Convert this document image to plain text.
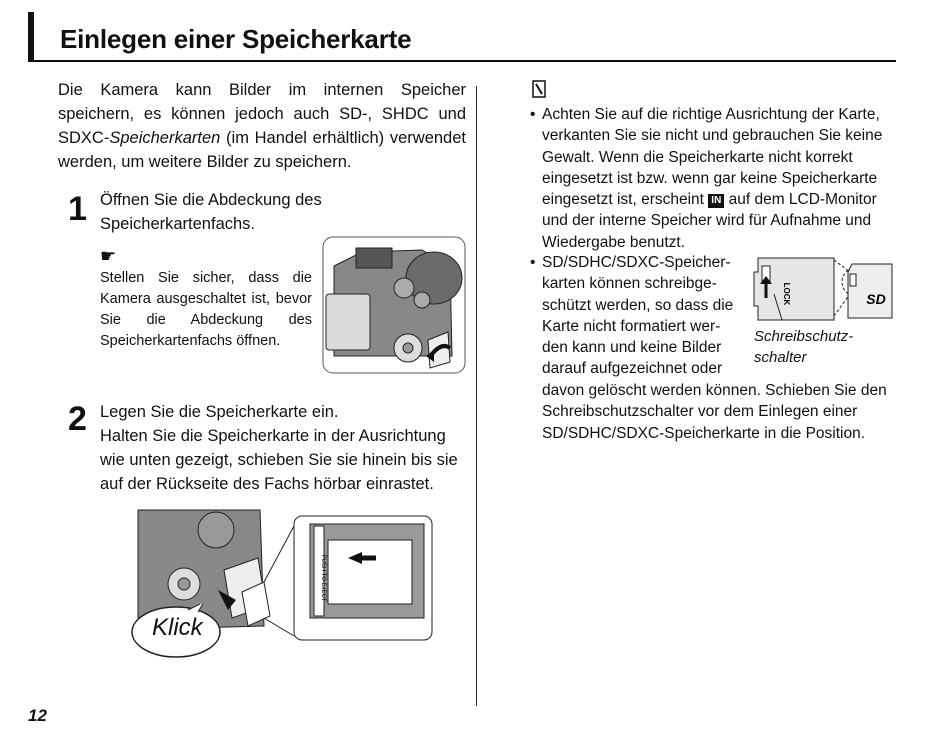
Einlegen einer Speicherkarte

Die Kamera kann Bilder im internen Speicher speichern, es können jedoch auch SD-, SHDC und SDXC-Speicherkarten (im Handel erhältlich) verwendet werden, um weitere Bilder zu speichern.

1 Öffnen Sie die Abdeckung des Speicherkartenfachs.
☛
Stellen Sie sicher, dass die Kamera ausgeschaltet ist, bevor Sie die Abdeckung des Speicherkartenfachs öffnen.
2 Legen Sie die Speicherkarte ein.
Halten Sie die Speicherkarte in der Ausrichtung wie unten gezeigt, schieben Sie sie hinein bis sie auf der Rückseite des Fachs hörbar einrastet.
PUSH TO EJECT
Klick
• Achten Sie auf die richtige Ausrichtung der Karte, verkanten Sie sie nicht und gebrauchen Sie keine Gewalt. Wenn die Speicherkarte nicht korrekt eingesetzt ist bzw. wenn gar keine Speicherkarte eingesetzt ist, erscheint IN auf dem LCD-Monitor und der interne Speicher wird für Aufnahme und Wiedergabe benutzt.
• SD/SDHC/SDXC-Speicher-
karten können schreibge-
schützt werden, so dass die
Karte nicht formatiert wer-
den kann und keine Bilder
darauf aufgezeichnet oder
davon gelöscht werden können. Schieben Sie den Schreibschutzschalter vor dem Einlegen einer SD/SDHC/SDXC-Speicherkarte in die Position.
LOCK	SD
Schreibschutz-
schalter
12
